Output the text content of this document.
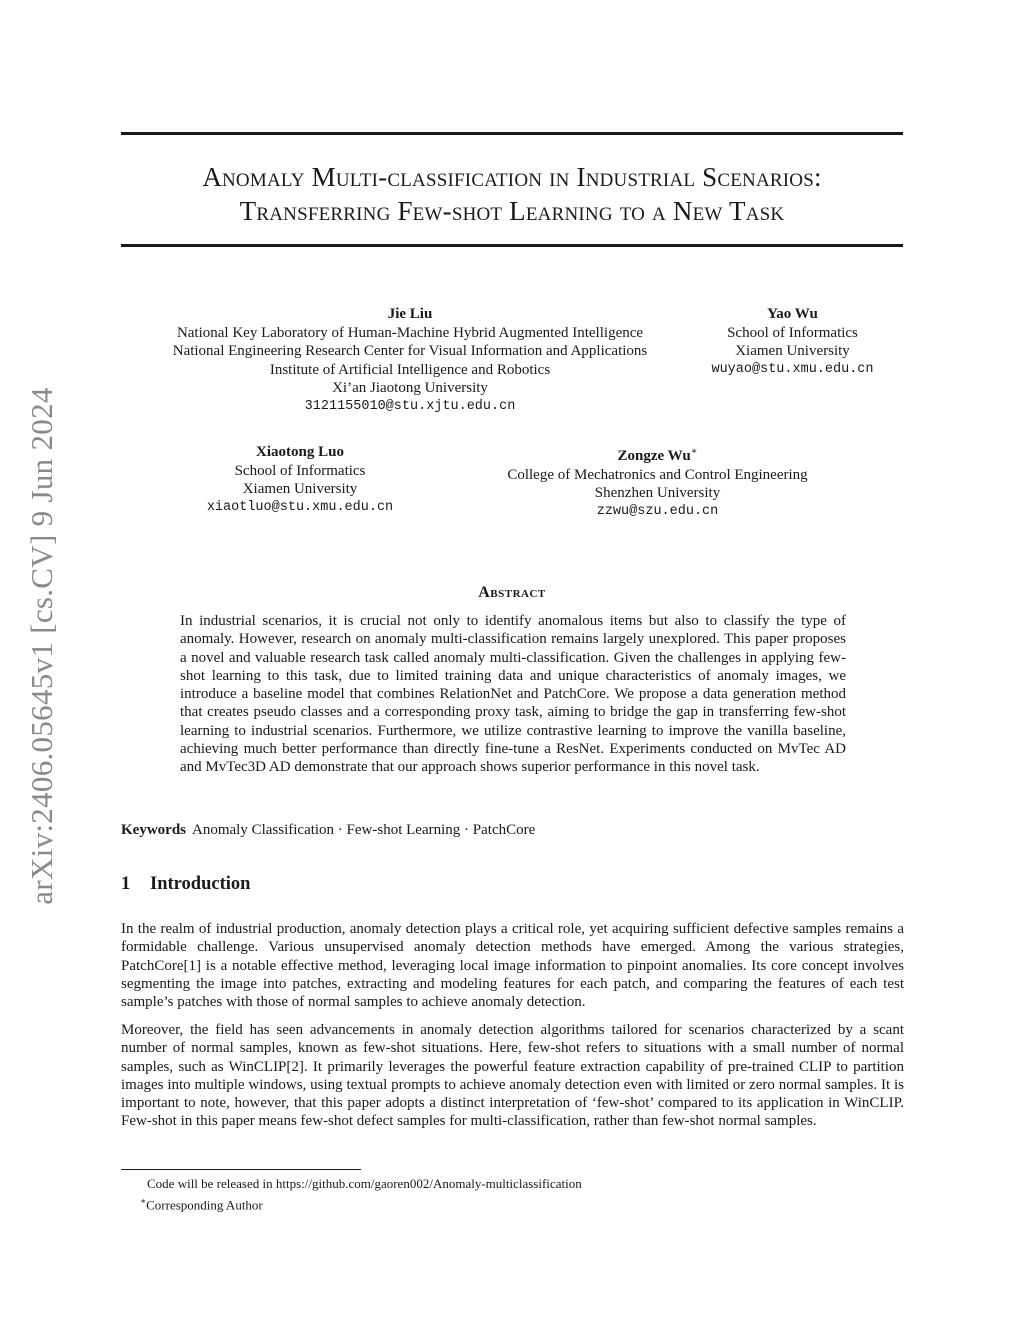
arXiv:2406.05645v1 [cs.CV] 9 Jun 2024
Anomaly Multi-classification in Industrial Scenarios:
Transferring Few-shot Learning to a New Task
Jie Liu
National Key Laboratory of Human-Machine Hybrid Augmented Intelligence
National Engineering Research Center for Visual Information and Applications
Institute of Artificial Intelligence and Robotics
Xi’an Jiaotong University
3121155010@stu.xjtu.edu.cn
Yao Wu
School of Informatics
Xiamen University
wuyao@stu.xmu.edu.cn
Xiaotong Luo
School of Informatics
Xiamen University
xiaotluo@stu.xmu.edu.cn
Zongze Wu∗
College of Mechatronics and Control Engineering
Shenzhen University
zzwu@szu.edu.cn
Abstract
In industrial scenarios, it is crucial not only to identify anomalous items but also to classify the type of anomaly. However, research on anomaly multi-classification remains largely unexplored. This paper proposes a novel and valuable research task called anomaly multi-classification. Given the challenges in applying few-shot learning to this task, due to limited training data and unique characteristics of anomaly images, we introduce a baseline model that combines RelationNet and PatchCore. We propose a data generation method that creates pseudo classes and a corresponding proxy task, aiming to bridge the gap in transferring few-shot learning to industrial scenarios. Furthermore, we utilize contrastive learning to improve the vanilla baseline, achieving much better performance than directly fine-tune a ResNet. Experiments conducted on MvTec AD and MvTec3D AD demonstrate that our approach shows superior performance in this novel task.
Keywords Anomaly Classification · Few-shot Learning · PatchCore
1 Introduction

In the realm of industrial production, anomaly detection plays a critical role, yet acquiring sufficient defective samples remains a formidable challenge. Various unsupervised anomaly detection methods have emerged. Among the various strategies, PatchCore[1] is a notable effective method, leveraging local image information to pinpoint anomalies. Its core concept involves segmenting the image into patches, extracting and modeling features for each patch, and comparing the features of each test sample’s patches with those of normal samples to achieve anomaly detection.

Moreover, the field has seen advancements in anomaly detection algorithms tailored for scenarios characterized by a scant number of normal samples, known as few-shot situations. Here, few-shot refers to situations with a small number of normal samples, such as WinCLIP[2]. It primarily leverages the powerful feature extraction capability of pre-trained CLIP to partition images into multiple windows, using textual prompts to achieve anomaly detection even with limited or zero normal samples. It is important to note, however, that this paper adopts a distinct interpretation of ‘few-shot’ compared to its application in WinCLIP. Few-shot in this paper means few-shot defect samples for multi-classification, rather than few-shot normal samples.

Code will be released in https://github.com/gaoren002/Anomaly-multiclassification
∗Corresponding Author
